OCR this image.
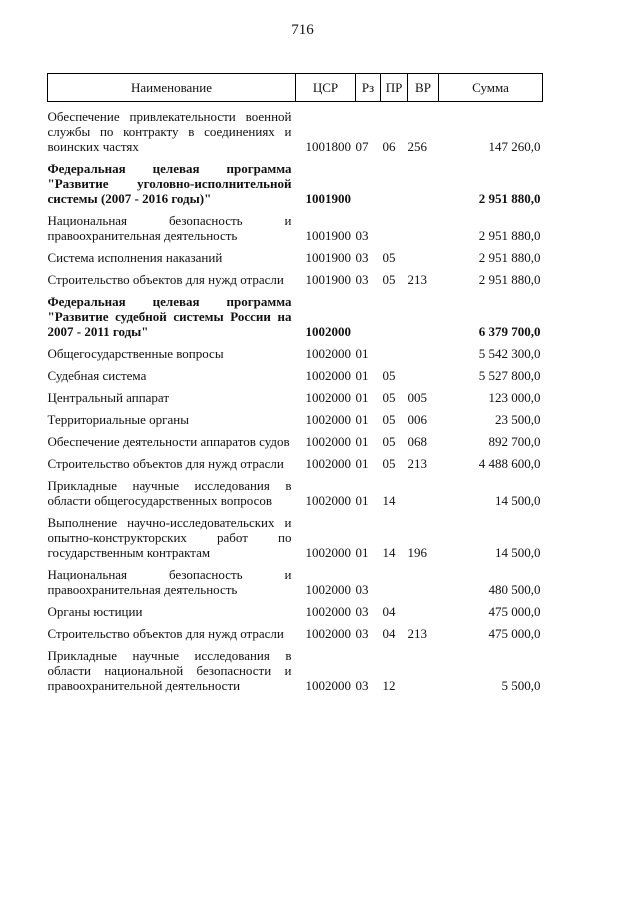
716
Наименование	ЦСР	Рз	ПР	ВР	Сумма

Обеспечение привлекательности военной службы по контракту в соединениях и воинских частях	1001800	07	06	256	147 260,0

Федеральная целевая программа "Развитие уголовно-исполнительной системы (2007 - 2016 годы)"	1001900				2 951 880,0

Национальная безопасность и правоохранительная деятельность	1001900	03			2 951 880,0

Система исполнения наказаний	1001900	03	05		2 951 880,0

Строительство объектов для нужд отрасли	1001900	03	05	213	2 951 880,0

Федеральная целевая программа "Развитие судебной системы России на 2007 - 2011 годы"	1002000				6 379 700,0

Общегосударственные вопросы	1002000	01			5 542 300,0

Судебная система	1002000	01	05		5 527 800,0

Центральный аппарат	1002000	01	05	005	123 000,0

Территориальные органы	1002000	01	05	006	23 500,0

Обеспечение деятельности аппаратов судов	1002000	01	05	068	892 700,0

Строительство объектов для нужд отрасли	1002000	01	05	213	4 488 600,0

Прикладные научные исследования в области общегосударственных вопросов	1002000	01	14		14 500,0

Выполнение научно-исследовательских и опытно-конструкторских работ по государственным контрактам	1002000	01	14	196	14 500,0

Национальная безопасность и правоохранительная деятельность	1002000	03			480 500,0

Органы юстиции	1002000	03	04		475 000,0

Строительство объектов для нужд отрасли	1002000	03	04	213	475 000,0

Прикладные научные исследования в области национальной безопасности и правоохранительной деятельности	1002000	03	12		5 500,0
